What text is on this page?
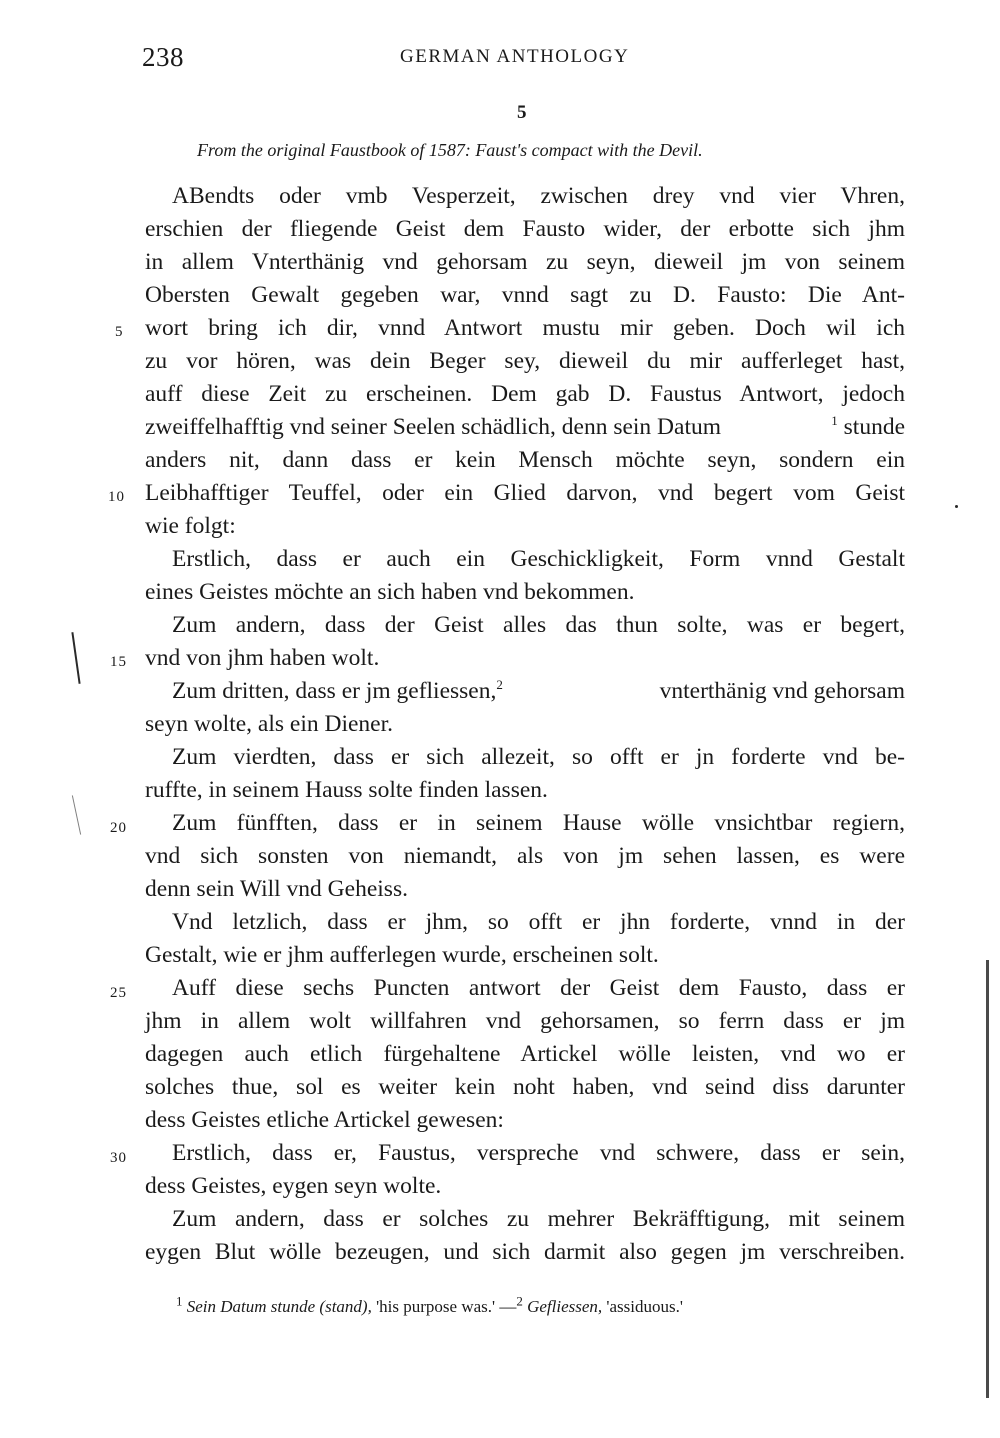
238	GERMAN ANTHOLOGY
5
From the original Faustbook of 1587: Faust's compact with the Devil.
ABendts oder vmb Vesperzeit, zwischen drey vnd vier Vhren,
erschien der fliegende Geist dem Fausto wider, der erbotte sich jhm
in allem Vnterthänig vnd gehorsam zu seyn, dieweil jm von seinem
Obersten Gewalt gegeben war, vnnd sagt zu D. Fausto: Die Ant-
wort bring ich dir, vnnd Antwort mustu mir geben. Doch wil ich
zu vor hören, was dein Beger sey, dieweil du mir aufferleget hast,
auff diese Zeit zu erscheinen. Dem gab D. Faustus Antwort, jedoch
zweiffelhafftig vnd seiner Seelen schädlich, denn sein Datum	$^1$ stunde
anders nit, dann dass er kein Mensch möchte seyn, sondern ein
Leibhafftiger Teuffel, oder ein Glied darvon, vnd begert vom Geist
wie folgt:
Erstlich, dass er auch ein Geschickligkeit, Form vnnd Gestalt
eines Geistes möchte an sich haben vnd bekommen.
Zum andern, dass der Geist alles das thun solte, was er begert,
vnd von jhm haben wolt.
Zum dritten, dass er jm gefliessen,$^2$	vnterthänig vnd gehorsam
seyn wolte, als ein Diener.
Zum vierdten, dass er sich allezeit, so offt er jn forderte vnd be-
ruffte, in seinem Hauss solte finden lassen.
Zum fünfften, dass er in seinem Hause wölle vnsichtbar regiern,
vnd sich sonsten von niemandt, als von jm sehen lassen, es were
denn sein Will vnd Geheiss.
Vnd letzlich, dass er jhm, so offt er jhn forderte, vnnd in der
Gestalt, wie er jhm aufferlegen wurde, erscheinen solt.
Auff diese sechs Puncten antwort der Geist dem Fausto, dass er
jhm in allem wolt willfahren vnd gehorsamen, so ferrn dass er jm
dagegen auch etlich fürgehaltene Artickel wölle leisten, vnd wo er
solches thue, sol es weiter kein noht haben, vnd seind diss darunter
dess Geistes etliche Artickel gewesen:
Erstlich, dass er, Faustus, verspreche vnd schwere, dass er sein,
dess Geistes, eygen seyn wolte.
Zum andern, dass er solches zu mehrer Bekräfftigung, mit seinem
eygen Blut wölle bezeugen, und sich darmit also gegen jm verschreiben.
5
10
15
20
25
30
$^1$ Sein Datum stunde (stand), 'his purpose was.' —$^2$ Gefliessen, 'assiduous.'
